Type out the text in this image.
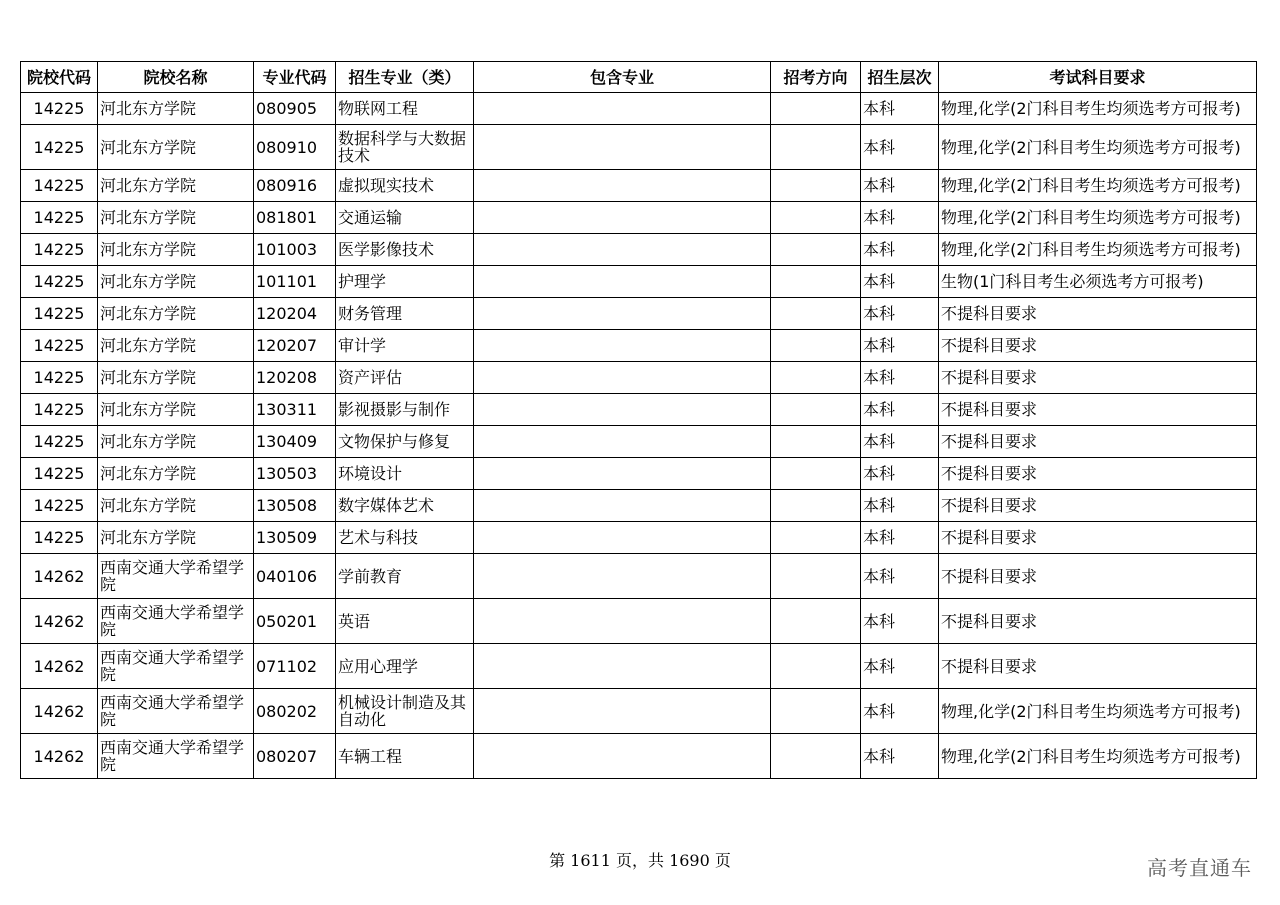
院校代码	院校名称	专业代码	招生专业（类）	包含专业	招考方向	招生层次	考试科目要求
14225	河北东方学院	080905	物联网工程			本科	物理,化学(2门科目考生均须选考方可报考)
14225	河北东方学院	080910	数据科学与大数据技术			本科	物理,化学(2门科目考生均须选考方可报考)
14225	河北东方学院	080916	虚拟现实技术			本科	物理,化学(2门科目考生均须选考方可报考)
14225	河北东方学院	081801	交通运输			本科	物理,化学(2门科目考生均须选考方可报考)
14225	河北东方学院	101003	医学影像技术			本科	物理,化学(2门科目考生均须选考方可报考)
14225	河北东方学院	101101	护理学			本科	生物(1门科目考生必须选考方可报考)
14225	河北东方学院	120204	财务管理			本科	不提科目要求
14225	河北东方学院	120207	审计学			本科	不提科目要求
14225	河北东方学院	120208	资产评估			本科	不提科目要求
14225	河北东方学院	130311	影视摄影与制作			本科	不提科目要求
14225	河北东方学院	130409	文物保护与修复			本科	不提科目要求
14225	河北东方学院	130503	环境设计			本科	不提科目要求
14225	河北东方学院	130508	数字媒体艺术			本科	不提科目要求
14225	河北东方学院	130509	艺术与科技			本科	不提科目要求
14262	西南交通大学希望学院	040106	学前教育			本科	不提科目要求
14262	西南交通大学希望学院	050201	英语			本科	不提科目要求
14262	西南交通大学希望学院	071102	应用心理学			本科	不提科目要求
14262	西南交通大学希望学院	080202	机械设计制造及其自动化			本科	物理,化学(2门科目考生均须选考方可报考)
14262	西南交通大学希望学院	080207	车辆工程			本科	物理,化学(2门科目考生均须选考方可报考)
第 1611 页，共 1690 页	高考直通车
